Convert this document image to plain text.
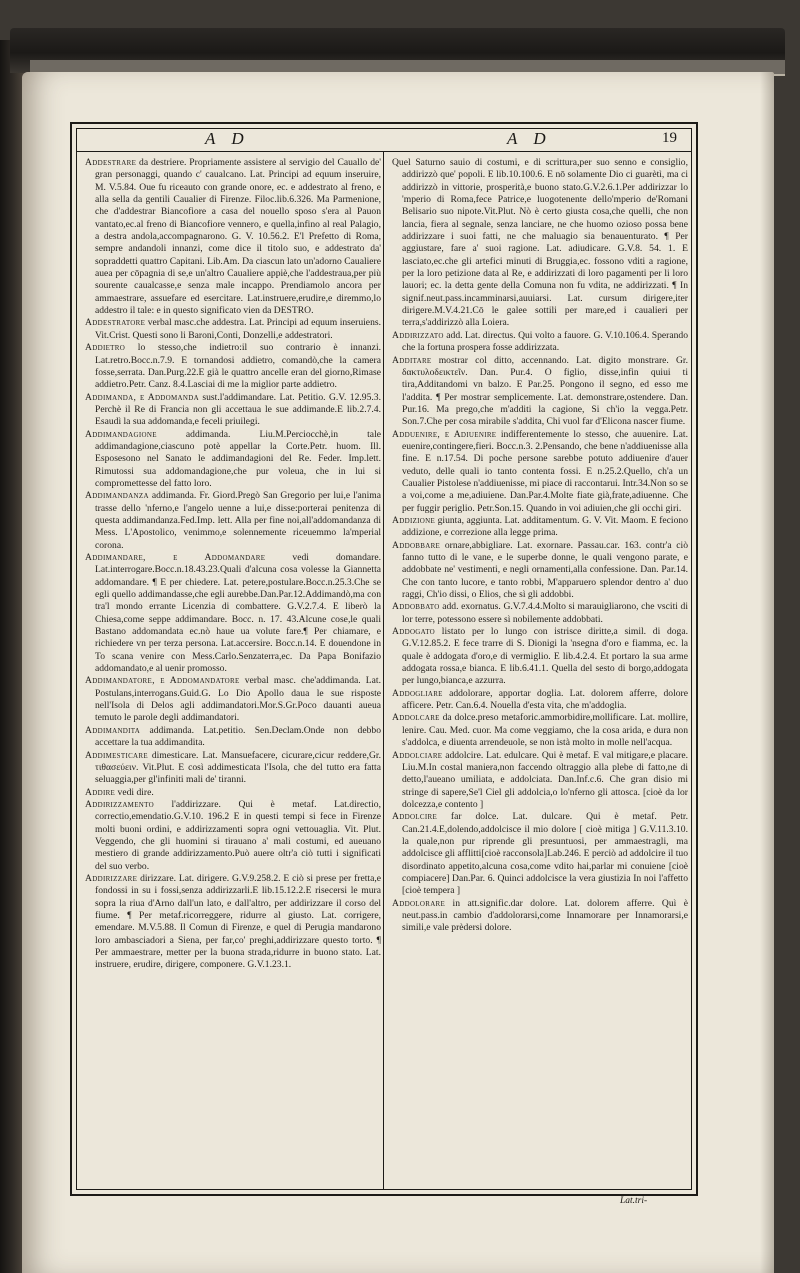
A D	A D	19
Addestrare da destriere. Propriamente assistere al servigio del Cauallo de' gran personaggi, quando c' caualcano. Lat. Principi ad equum inseruire, M. V.5.84. Oue fu riceauto con grande onore, ec. e addestrato al freno, e alla sella da gentili Caualier di Firenze. Filoc.lib.6.326. Ma Parmenione, che d'addestrar Biancofiore a casa del nouello sposo s'era al Pauon vantato,ec.al freno di Biancofiore vennero, e quella,infino al real Palagio, a destra andola,accompagnarono. G. V. 10.56.2. E'l Prefetto di Roma, sempre andandoli innanzi, come dice il titolo suo, e addestrato da' sopraddetti quattro Capitani. Lib.Am. Da ciascun lato un'adorno Caualiere auea per cōpagnia di se,e un'altro Caualiere appiè,che l'addestraua,per più sourente caualcasse,e senza male incappo. Prendiamolo ancora per ammaestrare, assuefare ed esercitare. Lat.instruere,erudire,e diremmo,lo addestro il tale: e in questo significato vien da DESTRO.
Addestratore verbal masc.che addestra. Lat. Principi ad equum inseruiens. Vit.Crist. Questi sono li Baroni,Conti, Donzelli,e addestratori.
Addietro lo stesso,che indietro:il suo contrario è innanzi. Lat.retro.Bocc.n.7.9. E tornandosi addietro, comandò,che la camera fosse,serrata. Dan.Purg.22.E già le quattro ancelle eran del giorno,Rimase addietro.Petr. Canz. 8.4.Lasciai di me la miglior parte addietro.
Addimanda, e Addomanda sust.l'addimandare. Lat. Petitio. G.V. 12.95.3. Perchè il Re di Francia non gli accettaua le sue addimande.E lib.2.7.4. Esaudì la sua addomanda,e feceli priuilegi.
Addimandagione	addimanda. Liu.M.Perciocchè,in tale addimandagione,ciascuno potè appellar la Corte.Petr. huom. Ill. Esposesono nel Sanato le addimandagioni del Re. Feder. Imp.lett. Rimutossi sua addomandagione,che pur voleua, che in lui si compromettesse del fatto loro.
Addimandanza addimanda. Fr. Giord.Pregò San Gregorio per lui,e l'anima trasse dello 'nferno,e l'angelo uenne a lui,e disse:porterai penitenza di questa addimandanza.Fed.Imp. lett. Alla per fine noi,all'addomandanza di Mess. L'Apostolico, venimmo,e solennemente riceuemmo la'mperial corona.
Addimandare, e Addomandare	vedi domandare. Lat.interrogare.Bocc.n.18.43.23.Quali d'alcuna cosa volesse la Giannetta addomandare. ¶ E per chiedere. Lat. petere,postulare.Bocc.n.25.3.Che se egli quello addimandasse,che egli aurebbe.Dan.Par.12.Addimandò,ma con tra'l mondo errante Licenzia di combattere. G.V.2.7.4. E liberò la Chiesa,come seppe addimandare. Bocc. n. 17. 43.Alcune cose,le quali Bastano addomandata ec.nò haue ua volute fare.¶ Per chiamare, e richiedere vn per terza persona. Lat.accersire. Bocc.n.14. E douendone in To scana venire con Mess.Carlo.Senzaterra,ec. Da Papa Bonifazio addomandato,e al uenir promosso.
Addimandatore, e Addomandatore verbal masc. che'addimanda. Lat. Postulans,interrogans.Guid.G. Lo Dio Apollo daua le sue risposte nell'Isola di Delos agli addimandatori.Mor.S.Gr.Poco dauanti aueua temuto le parole degli addimandatori.
Addimandita addimanda. Lat.petitio. Sen.Declam.Onde non debbo accettare la tua addimandita.
Addimesticare dimesticare. Lat. Mansuefacere, cicurare,cicur reddere,Gr. τιθασεύειν. Vit.Plut. E così addimesticata l'Isola, che del tutto era fatta seluaggia,per gl'infiniti mali de' tiranni.
Addire vedi dire.
Addirizzamento l'addirizzare. Qui è metaf. Lat.directio, correctio,emendatio.G.V.10. 196.2 E in questi tempi si fece in Firenze molti buoni ordini, e addirizzamenti sopra ogni vettouaglia. Vit. Plut. Veggendo, che gli huomini si tirauano a' mali costumi, ed aueuano mestiero di grande addirizzamento.Può auere oltr'a ciò tutti i significati del suo verbo.
Addirizzare dirizzare. Lat. dirigere. G.V.9.258.2. E ciò si prese per fretta,e fondossi in su i fossi,senza addirizzarli.E lib.15.12.2.E risecersi le mura sopra la riua d'Arno dall'un lato, e dall'altro, per addirizzare il corso del fiume. ¶ Per metaf.ricorreggere, ridurre al giusto. Lat. corrigere, emendare. M.V.5.88. Il Comun di Firenze, e quel di Perugia mandarono loro ambasciadori a Siena, per far,co' preghi,addirizzare questo torto. ¶ Per ammaestrare, metter per la buona strada,ridurre in buono stato. Lat. instruere, erudire, dirigere, componere. G.V.1.23.1.
Quel Saturno sauio di costumi, e di scrittura,per suo senno e consiglio, addirizzò que' popoli. E lib.10.100.6. E nō solamente Dio ci guarètì, ma ci addirizzò in vittorie, prosperità,e buono stato.G.V.2.6.1.Per addirizzar lo 'mperio di Roma,fece Patrice,e luogotenente dello'mperio de'Romani Belisario suo nipote.Vit.Plut. Nò è certo giusta cosa,che quelli, che non lancia, fiera al segnale, senza lanciare, ne che huomo ozioso possa bene addirizzare i suoi fatti, ne che maluagio sia benauenturato. ¶ Per aggiustare, fare a' suoi ragione. Lat. adiudicare. G.V.8. 54. 1. E lasciato,ec.che gli artefici minuti di Bruggia,ec. fossono vditi a ragione, per la loro petizione data al Re, e addirizzati di loro pagamenti per li loro lauori; ec. la detta gente della Comuna non fu vdita, ne addirizzati. ¶ In signif.neut.pass.incamminarsi,auuiarsi. Lat. cursum dirigere,iter dirigere.M.V.4.21.Cō le galee sottili per mare,ed i caualieri per terra,s'addirizzò alla Loiera.
Addirizzato add. Lat. directus. Qui volto a fauore. G. V.10.106.4. Sperando che la fortuna prospera fosse addirizzata.
Additare mostrar col ditto, accennando. Lat. digito monstrare. Gr. δακτυλοδεικτεῖν. Dan. Pur.4. O figlio, disse,infin quiui ti tira,Additandomi vn balzo. E Par.25. Pongono il segno, ed esso me l'addita. ¶ Per mostrar semplicemente. Lat. demonstrare,ostendere. Dan. Pur.16. Ma prego,che m'additi la cagione, Si ch'io la vegga.Petr. Son.7.Che per cosa mirabile s'addita, Chi vuol far d'Elicona nascer fiume.
Adduenire, e Adiuenire indifferentemente lo stesso, che auuenire. Lat. euenire,contingere,fieri. Bocc.n.3. 2.Pensando, che bene n'addiuenisse alla fine. E n.17.54. Di poche persone sarebbe potuto addiuenire d'auer veduto, delle quali io tanto contenta fossi. E n.25.2.Quello, ch'a un Caualier Pistolese n'addiuenisse, mi piace di raccontarui. Intr.34.Non so se a voi,come a me,adiuiene. Dan.Par.4.Molte fiate già,frate,adiuenne. Che per fuggir periglio. Petr.Son.15. Quando in voi adiuien,che gli occhi giri.
Addizione giunta, aggiunta. Lat. additamentum. G. V. Vit. Maom. E feciono addizione, e correzione alla legge prima.
Addobbare ornare,abbigliare. Lat. exornare. Passau.car. 163. contr'a ciò fanno tutto di le vane, e le superbe donne, le quali vengono parate, e addobbate ne' vestimenti, e negli ornamenti,alla confessione. Dan. Par.14. Che con tanto lucore, e tanto robbi, M'apparuero splendor dentro a' duo raggi, Ch'io dissi, o Elios, che sì gli addobbi.
Addobbato add. exornatus. G.V.7.4.4.Molto si marauigliarono, che vsciti di lor terre, potessono essere sì nobilemente addobbati.
Addogato listato per lo lungo con istrisce diritte,a simil. di doga. G.V.12.85.2. E fece trarre di S. Dionigi la 'nsegna d'oro e fiamma, ec. la quale è addogata d'oro,e di vermiglio. E lib.4.2.4. Et portaro la sua arme addogata rossa,e bianca. E lib.6.41.1. Quella del sesto di borgo,addogata per lungo,bianca,e azzurra.
Addogliare addolorare, apportar doglia. Lat. dolorem afferre, dolore afficere. Petr. Can.6.4. Nouella d'esta vita, che m'addoglia.
Addolcare da dolce.preso metaforic.ammorbidire,mollificare. Lat. mollire, lenire. Cau. Med. cuor. Ma come veggiamo, che la cosa arida, e dura non s'addolca, e diuenta arrendeuole, se non istà molto in molle nell'acqua.
Addolciare addolcire. Lat. edulcare. Qui è metaf. E val mitigare,e placare. Liu.M.In costal maniera,non faccendo oltraggio alla plebe di fatto,ne di detto,l'aueano umiliata, e addolciata. Dan.Inf.c.6. Che gran disio mi stringe di sapere,Se'l Ciel gli addolcia,o lo'nferno gli attosca. [cioè da lor dolcezza,e contento ]
Addolcire far dolce. Lat. dulcare. Qui è metaf. Petr. Can.21.4.E,dolendo,addolcisce il mio dolore [ cioè mitiga ] G.V.11.3.10. la quale,non pur riprende gli presuntuosi, per ammaestragli, ma addolcisce gli afflitti[cioè racconsola]Lab.246. E perciò ad addolcire il tuo disordinato appetito,alcuna cosa,come vdito hai,parlar mi conuiene [cioè compiacere] Dan.Par. 6. Quinci addolcisce la vera giustizia In noi l'affetto [cioè tempera ]
Addolorare in att.signific.dar dolore. Lat. dolorem afferre. Quì è neut.pass.in cambio d'addolorarsi,come Innamorare per Innamorarsi,e simili,e vale prèdersi dolore.
Lat.tri-
